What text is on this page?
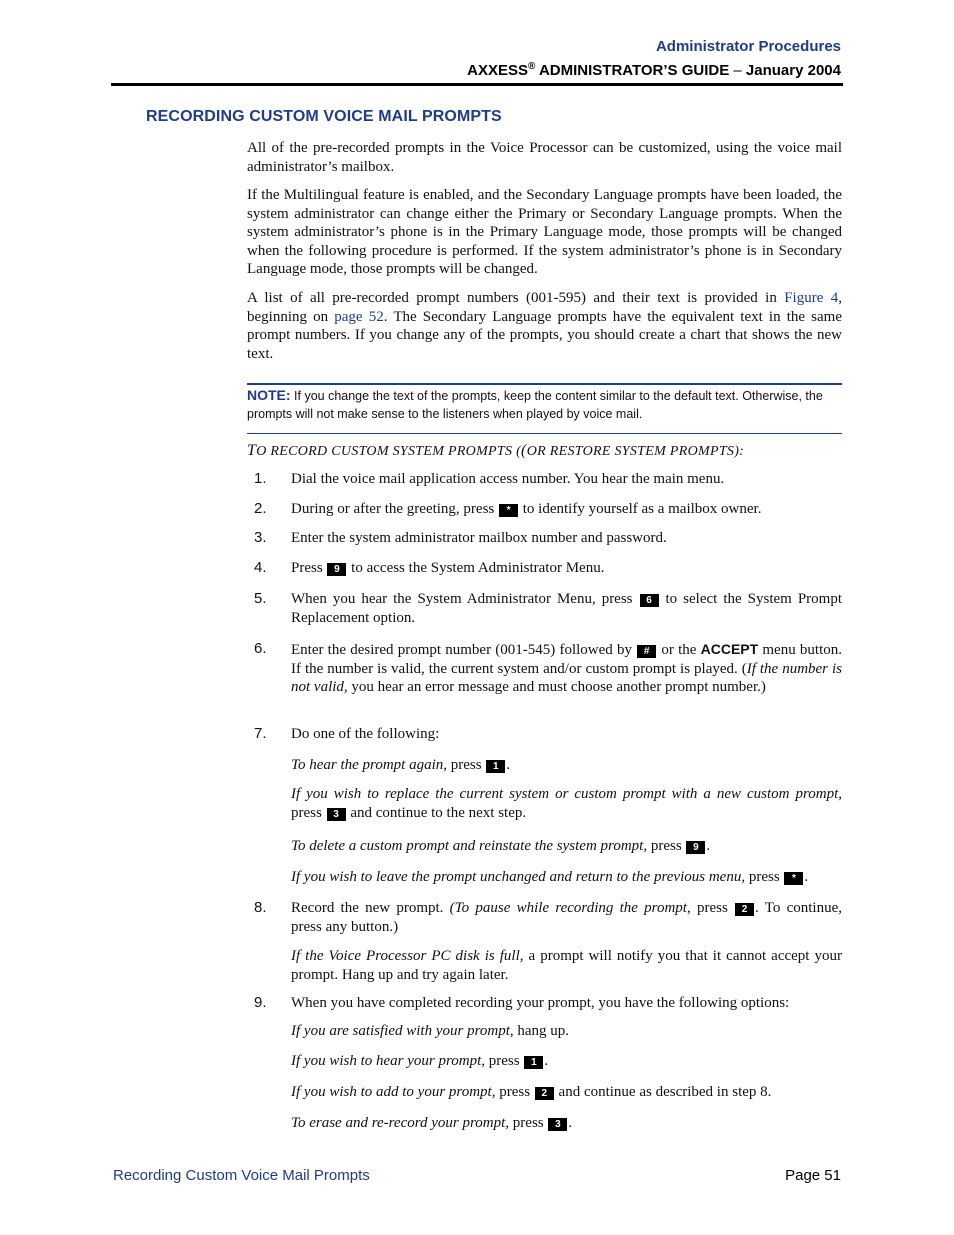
Administrator Procedures
AXXESS® ADMINISTRATOR’S GUIDE – January 2004
RECORDING CUSTOM VOICE MAIL PROMPTS

All of the pre-recorded prompts in the Voice Processor can be customized, using the voice mail administrator’s mailbox.

If the Multilingual feature is enabled, and the Secondary Language prompts have been loaded, the system administrator can change either the Primary or Secondary Language prompts. When the system administrator’s phone is in the Primary Language mode, those prompts will be changed when the following procedure is performed. If the system administrator’s phone is in Secondary Language mode, those prompts will be changed.

A list of all pre-recorded prompt numbers (001-595) and their text is provided in Figure 4, beginning on page 52. The Secondary Language prompts have the equivalent text in the same prompt numbers. If you change any of the prompts, you should create a chart that shows the new text.

NOTE: If you change the text of the prompts, keep the content similar to the default text. Otherwise, the prompts will not make sense to the listeners when played by voice mail.
TO RECORD CUSTOM SYSTEM PROMPTS ((OR RESTORE SYSTEM PROMPTS):
1. Dial the voice mail application access number. You hear the main menu.

2. During or after the greeting, press * to identify yourself as a mailbox owner.

3. Enter the system administrator mailbox number and password.

4. Press 9 to access the System Administrator Menu.

5. When you hear the System Administrator Menu, press 6 to select the System Prompt Replacement option.

6. Enter the desired prompt number (001-545) followed by # or the ACCEPT menu button. If the number is valid, the current system and/or custom prompt is played. (If the number is not valid, you hear an error message and must choose another prompt number.)

7. Do one of the following:

To hear the prompt again, press 1 .

If you wish to replace the current system or custom prompt with a new custom prompt, press 3 and continue to the next step.

To delete a custom prompt and reinstate the system prompt, press 9 .

If you wish to leave the prompt unchanged and return to the previous menu, press * .

8. Record the new prompt. (To pause while recording the prompt, press 2 . To continue, press any button.)

If the Voice Processor PC disk is full, a prompt will notify you that it cannot accept your prompt. Hang up and try again later.

9. When you have completed recording your prompt, you have the following options:

If you are satisfied with your prompt, hang up.

If you wish to hear your prompt, press 1 .

If you wish to add to your prompt, press 2 and continue as described in step 8.

To erase and re-record your prompt, press 3 .

Recording Custom Voice Mail Prompts	Page 51
